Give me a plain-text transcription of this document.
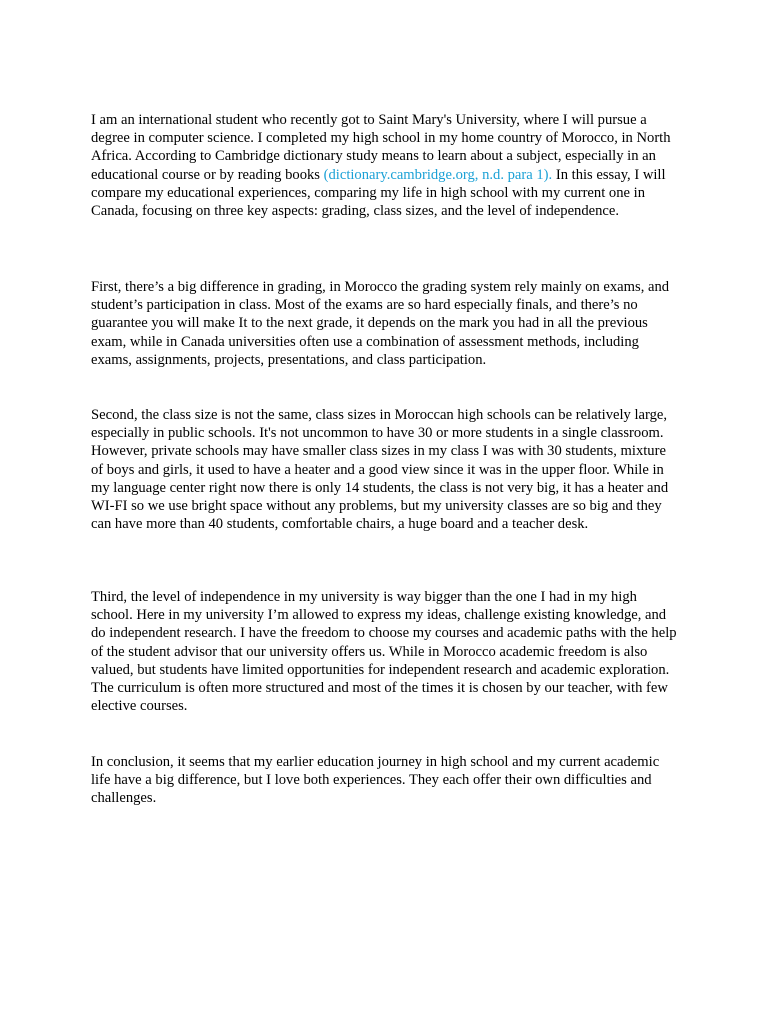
I am an international student who recently got to Saint Mary's University, where I will pursue a degree in computer science. I completed my high school in my home country of Morocco, in North Africa. According to Cambridge dictionary study means to learn about a subject, especially in an educational course or by reading books (dictionary.cambridge.org, n.d. para 1). In this essay, I will compare my educational experiences, comparing my life in high school with my current one in Canada, focusing on three key aspects: grading, class sizes, and the level of independence.

First, there’s a big difference in grading, in Morocco the grading system rely mainly on exams, and student’s participation in class. Most of the exams are so hard especially finals, and there’s no guarantee you will make It to the next grade, it depends on the mark you had in all the previous exam, while in Canada universities often use a combination of assessment methods, including exams, assignments, projects, presentations, and class participation.

Second, the class size is not the same, class sizes in Moroccan high schools can be relatively large, especially in public schools. It's not uncommon to have 30 or more students in a single classroom. However, private schools may have smaller class sizes in my class I was with 30 students, mixture of boys and girls, it used to have a heater and a good view since it was in the upper floor. While in my language center right now there is only 14 students, the class is not very big, it has a heater and WI-FI so we use bright space without any problems, but my university classes are so big and they can have more than 40 students, comfortable chairs, a huge board and a teacher desk.

Third, the level of independence in my university is way bigger than the one I had in my high school. Here in my university I’m allowed to express my ideas, challenge existing knowledge, and do independent research. I have the freedom to choose my courses and academic paths with the help of the student advisor that our university offers us. While in Morocco academic freedom is also valued, but students have limited opportunities for independent research and academic exploration. The curriculum is often more structured and most of the times it is chosen by our teacher, with few elective courses.

In conclusion, it seems that my earlier education journey in high school and my current academic life have a big difference, but I love both experiences. They each offer their own difficulties and challenges.
